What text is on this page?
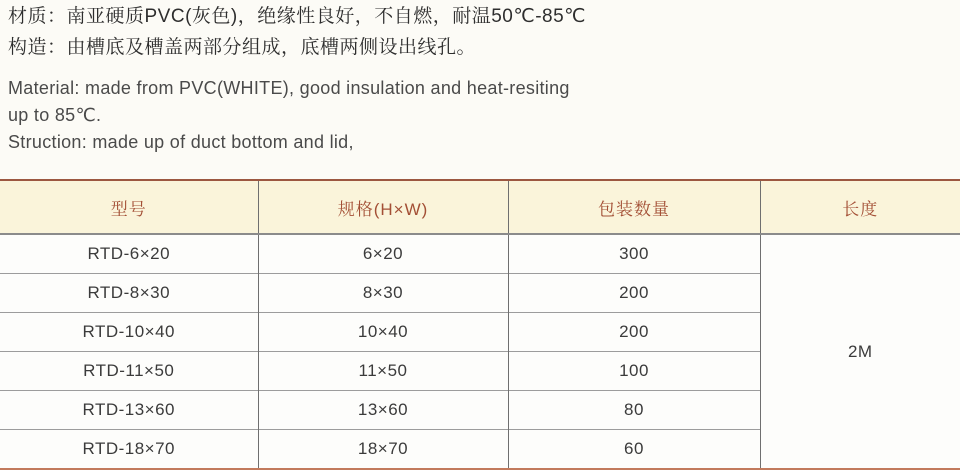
材质：南亚硬质PVC(灰色)，绝缘性良好，不自燃，耐温50℃-85℃

构造：由槽底及槽盖两部分组成，底槽两侧设出线孔。

Material: made from PVC(WHITE), good insulation and heat-resiting

up to 85℃.

Struction: made up of duct bottom and lid,

型号	规格(H×W)	包装数量	长度
RTD-6×20	6×20	300	2M
RTD-8×30	8×30	200	
RTD-10×40	10×40	200	
RTD-11×50	11×50	100	
RTD-13×60	13×60	80	
RTD-18×70	18×70	60	
